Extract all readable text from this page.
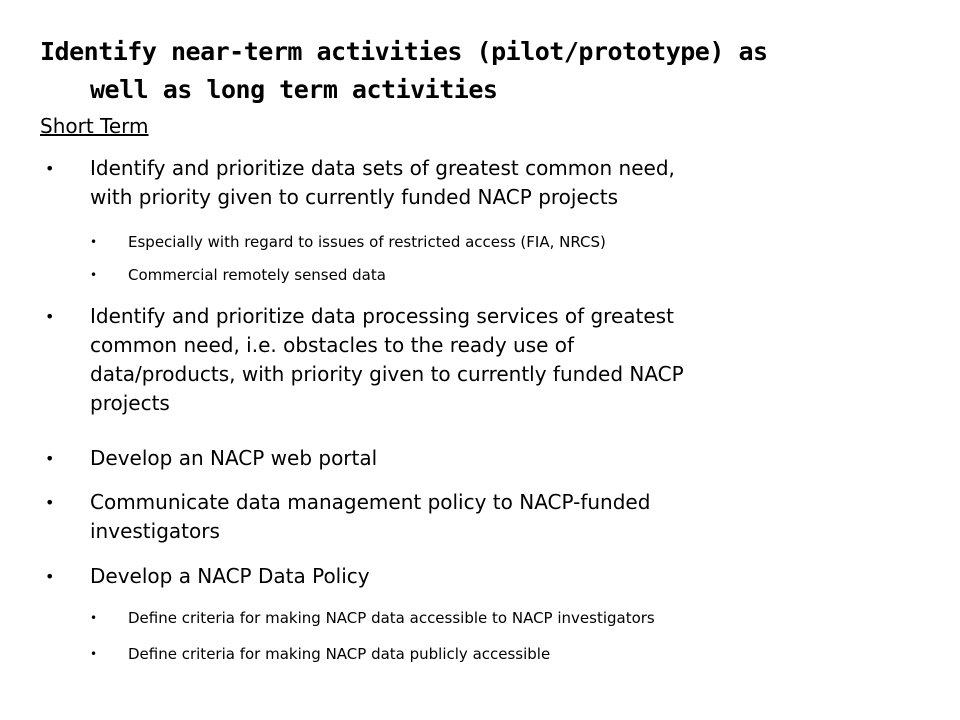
Identify near-term activities (pilot/prototype) as
well as long term activities
Short Term
• Identify and prioritize data sets of greatest common need,
with priority given to currently funded NACP projects
• Especially with regard to issues of restricted access (FIA, NRCS)
• Commercial remotely sensed data
• Identify and prioritize data processing services of greatest
common need, i.e. obstacles to the ready use of
data/products, with priority given to currently funded NACP
projects
• Develop an NACP web portal
• Communicate data management policy to NACP-funded
investigators
• Develop a NACP Data Policy
• Define criteria for making NACP data accessible to NACP investigators
• Define criteria for making NACP data publicly accessible
